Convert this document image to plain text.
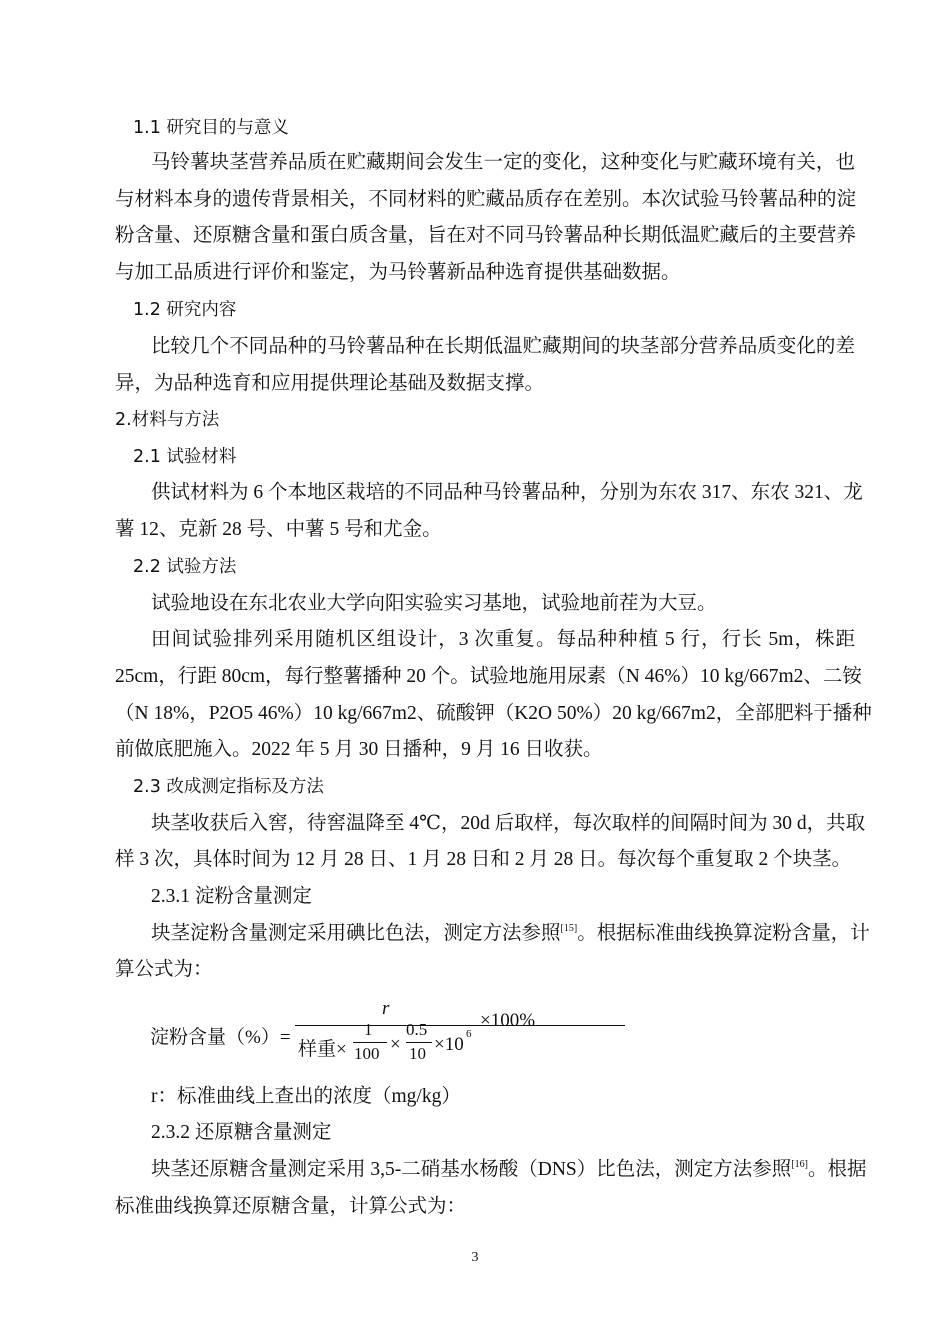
1.1 研究目的与意义
马铃薯块茎营养品质在贮藏期间会发生一定的变化，这种变化与贮藏环境有关，也
与材料本身的遗传背景相关，不同材料的贮藏品质存在差别。本次试验马铃薯品种的淀
粉含量、还原糖含量和蛋白质含量，旨在对不同马铃薯品种长期低温贮藏后的主要营养
与加工品质进行评价和鉴定，为马铃薯新品种选育提供基础数据。
1.2 研究内容
比较几个不同品种的马铃薯品种在长期低温贮藏期间的块茎部分营养品质变化的差
异，为品种选育和应用提供理论基础及数据支撑。
2.材料与方法
2.1 试验材料
供试材料为 6 个本地区栽培的不同品种马铃薯品种，分别为东农 317、东农 321、龙
薯 12、克新 28 号、中薯 5 号和尤金。
2.2 试验方法
试验地设在东北农业大学向阳实验实习基地，试验地前茬为大豆。
田间试验排列采用随机区组设计，3 次重复。每品种种植 5 行，行长 5m，株距
25cm，行距 80cm，每行整薯播种 20 个。试验地施用尿素（N 46%）10 kg/667m2、二铵
（N 18%，P2O5 46%）10 kg/667m2、硫酸钾（K2O 50%）20 kg/667m2，全部肥料于播种
前做底肥施入。2022 年 5 月 30 日播种，9 月 16 日收获。
2.3 改成测定指标及方法
块茎收获后入窖，待窖温降至 4℃，20d 后取样，每次取样的间隔时间为 30 d，共取
样 3 次，具体时间为 12 月 28 日、1 月 28 日和 2 月 28 日。每次每个重复取 2 个块茎。
2.3.1 淀粉含量测定
块茎淀粉含量测定采用碘比色法，测定方法参照[15]。根据标准曲线换算淀粉含量，计
算公式为：
淀粉含量（%）=
r
样重×
1
100 ×
0.5
10 ×10 6
×100%
r：标准曲线上查出的浓度（mg/kg）
2.3.2 还原糖含量测定
块茎还原糖含量测定采用 3,5-二硝基水杨酸（DNS）比色法，测定方法参照[16]。根据
标准曲线换算还原糖含量，计算公式为：
3
